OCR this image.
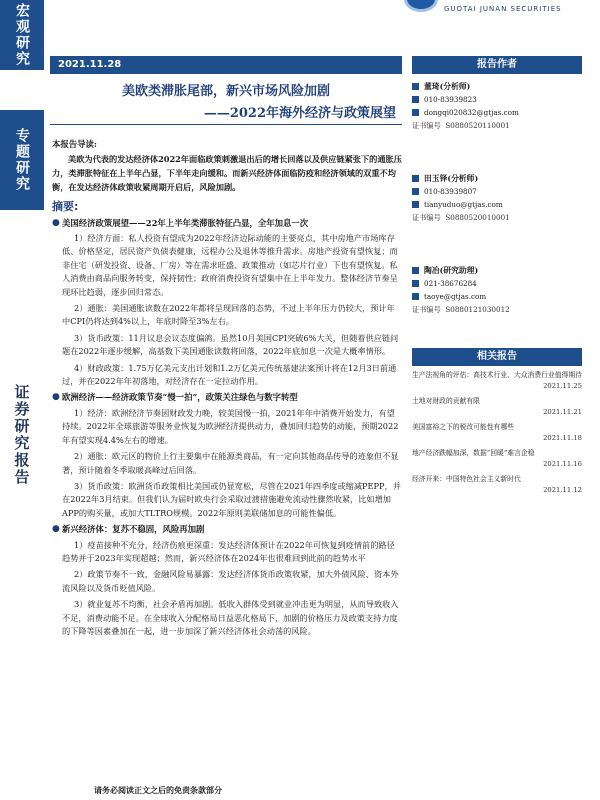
GUOTAI JUNAN SECURITIES
宏观研究
专题研究
证券研究报告
2021.11.28
美欧类滞胀尾部，新兴市场风险加剧
——2022年海外经济与政策展望
本报告导读:
美欧为代表的发达经济体2022年面临政策刺激退出后的增长回落以及供应链紧张下的通胀压力，类滞胀特征在上半年凸显，下半年走向缓和。而新兴经济体面临防疫和经济领域的双重不均衡，在发达经济体政策收紧周期开启后，风险加剧。
摘要:
● 美国经济政策展望——22年上半年类滞胀特征凸显，全年加息一次
1）经济方面：私人投资有望成为2022年经济边际动能的主要亮点，其中房地产市场库存低、价格坚定，居民资产负债表健康，远程办公及退休等推升需求。房地产投资有望恢复；而非住宅（研发投资、设备、厂房）等在需求旺盛、政策推动（如芯片行业）下也有望恢复。私人消费由商品向服务转变，保持韧性；政府消费投资有望集中在上半年发力。整体经济节奏呈现环比趋弱，逐步回归常态。
2）通胀：美国通胀读数在2022年都将呈现回落的态势，不过上半年压力仍较大，预计年中CPI仍将达到4%以上，年底时降至3%左右。
3）货币政策：11月议息会议态度偏鸽。虽然10月美国CPI突破6%大关，但随着供应链问题在2022年逐步缓解，高基数下美国通胀读数将回落，2022年底加息一次是大概率情形。
4）财政政策：1.75万亿美元支出计划和1.2万亿美元传统基建法案预计将在12月3日前通过，并在2022年年初落地，对经济存在一定拉动作用。
● 欧洲经济——经济政策节奏“慢一拍”，政策关注绿色与数字转型
1）经济：欧洲经济节奏因财政发力晚，较美国慢一拍，2021年年中消费开始发力，有望持续。2022年全球旅游等服务业恢复为欧洲经济提供动力，叠加回归趋势的动能，预期2022年有望实现4.4%左右的增速。
2）通胀：欧元区的物价上行主要集中在能源类商品，有一定向其他商品传导的迹象但不显著，预计随着冬季取暖高峰过后回落。
3）货币政策：欧洲货币政策相比美国或仍显宽松，尽管在2021年四季度或缩减PEPP，并在2022年3月结束。但我们认为届时欧央行会采取过渡措施避免流动性骤然收紧，比如增加APP的购买量，或加大TLTRO规模。2022年原则美联储加息的可能性偏低。
● 新兴经济体：复苏不稳固，风险再加剧
1）疫苗接种不充分，经济伤痕更深重：发达经济体预计在2022年可恢复到疫情前的路径趋势并于2023年实现超越；然而，新兴经济体在2024年也很难回到此前的趋势水平
2）政策节奏不一致，金融风险易暴露：发达经济体货币政策收紧，加大外债风险、资本外流风险以及货币贬值风险。
3）就业复苏不均衡，社会矛盾再加剧。低收入群体受到就业冲击更为明显，从而导致收入不足，消费动能不足。在全球收入分配格局日益恶化格局下，加剧的价格压力及政策支持力度的下降等因素叠加在一起，进一步加深了新兴经济体社会动荡的风险。
报告作者
董琦(分析师)
010-83939823
dongqi020832@gtjas.com
证书编号 S0880520110001
田玉铎(分析师)
010-83939807
tianyuduo@gtjas.com
证书编号 S0880520010001
陶冶(研究助理)
021-38676284
taoye@gtjas.com
证书编号 S0880121030012
相关报告
生产法视角的评估：高技术行业、大众消费行业值得期待
2021.11.25
土地对财政的贡献有限
2021.11.21
美国富裕之下的税改可能性有哪些
2021.11.18
地产经济跌幅加深，数据“回暖”难言企稳
2021.11.16
经济开来：中国特色社会主义新时代
2021.11.12
请务必阅读正文之后的免责条款部分
